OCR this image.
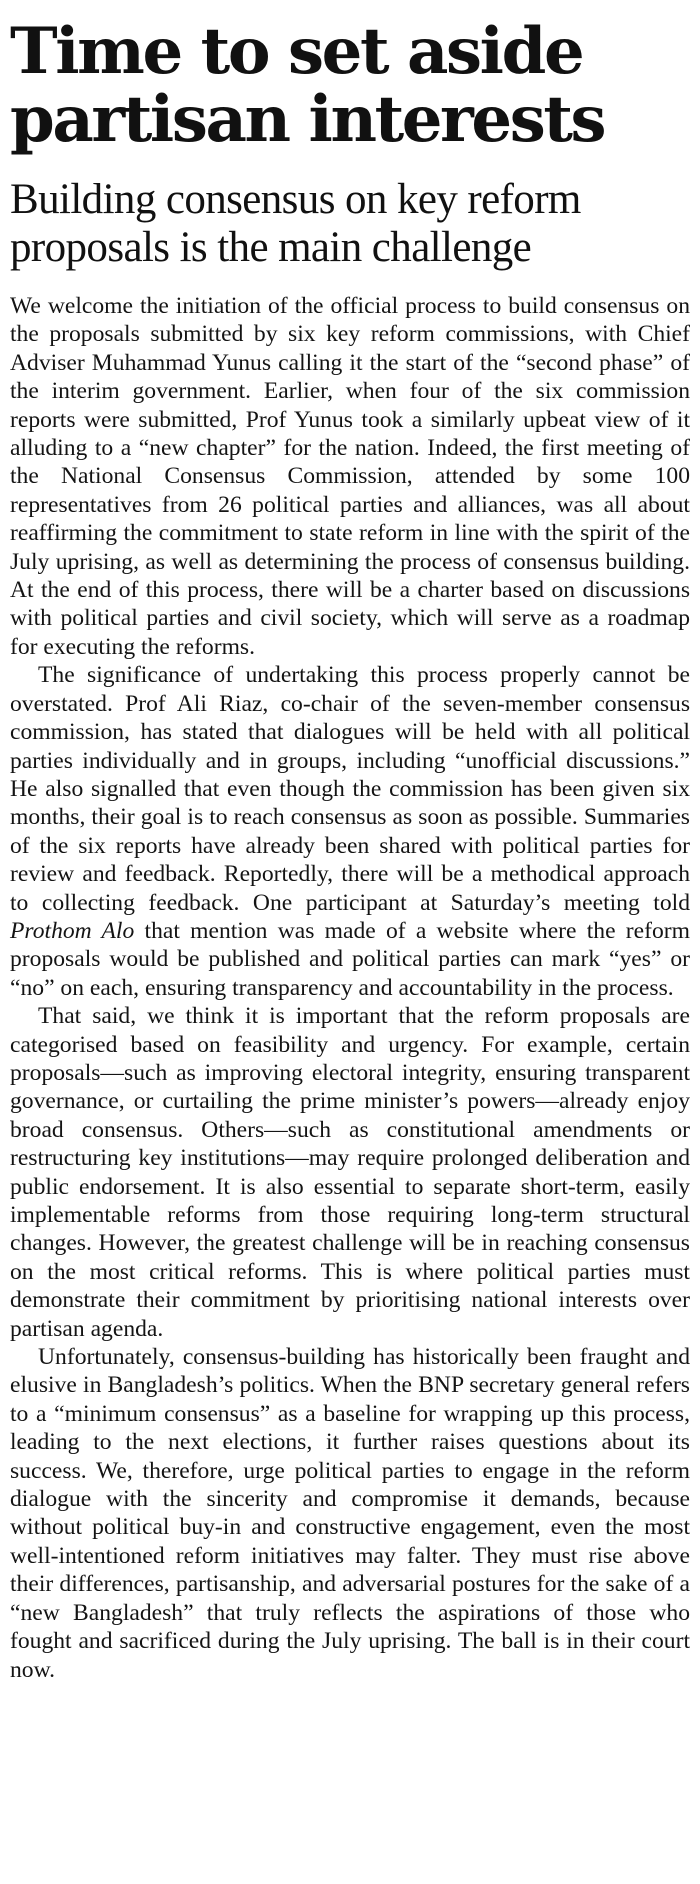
Time to set aside partisan interests
Building consensus on key reform proposals is the main challenge

We welcome the initiation of the official process to build consensus on the proposals submitted by six key reform commissions, with Chief Adviser Muhammad Yunus calling it the start of the “second phase” of the interim government. Earlier, when four of the six commission reports were submitted, Prof Yunus took a similarly upbeat view of it alluding to a “new chapter” for the nation. Indeed, the first meeting of the National Consensus Commission, attended by some 100 representatives from 26 political parties and alliances, was all about reaffirming the commitment to state reform in line with the spirit of the July uprising, as well as determining the process of consensus building. At the end of this process, there will be a charter based on discussions with political parties and civil society, which will serve as a roadmap for executing the reforms.

The significance of undertaking this process properly cannot be overstated. Prof Ali Riaz, co-chair of the seven-member consensus commission, has stated that dialogues will be held with all political parties individually and in groups, including “unofficial discussions.” He also signalled that even though the commission has been given six months, their goal is to reach consensus as soon as possible. Summaries of the six reports have already been shared with political parties for review and feedback. Reportedly, there will be a methodical approach to collecting feedback. One participant at Saturday’s meeting told Prothom Alo that mention was made of a website where the reform proposals would be published and political parties can mark “yes” or “no” on each, ensuring transparency and accountability in the process.

That said, we think it is important that the reform proposals are categorised based on feasibility and urgency. For example, certain proposals—such as improving electoral integrity, ensuring transparent governance, or curtailing the prime minister’s powers—already enjoy broad consensus. Others—such as constitutional amendments or restructuring key institutions—may require prolonged deliberation and public endorsement. It is also essential to separate short-term, easily implementable reforms from those requiring long-term structural changes. However, the greatest challenge will be in reaching consensus on the most critical reforms. This is where political parties must demonstrate their commitment by prioritising national interests over partisan agenda.

Unfortunately, consensus-building has historically been fraught and elusive in Bangladesh’s politics. When the BNP secretary general refers to a “minimum consensus” as a baseline for wrapping up this process, leading to the next elections, it further raises questions about its success. We, therefore, urge political parties to engage in the reform dialogue with the sincerity and compromise it demands, because without political buy-in and constructive engagement, even the most well-intentioned reform initiatives may falter. They must rise above their differences, partisanship, and adversarial postures for the sake of a “new Bangladesh” that truly reflects the aspirations of those who fought and sacrificed during the July uprising. The ball is in their court now.
